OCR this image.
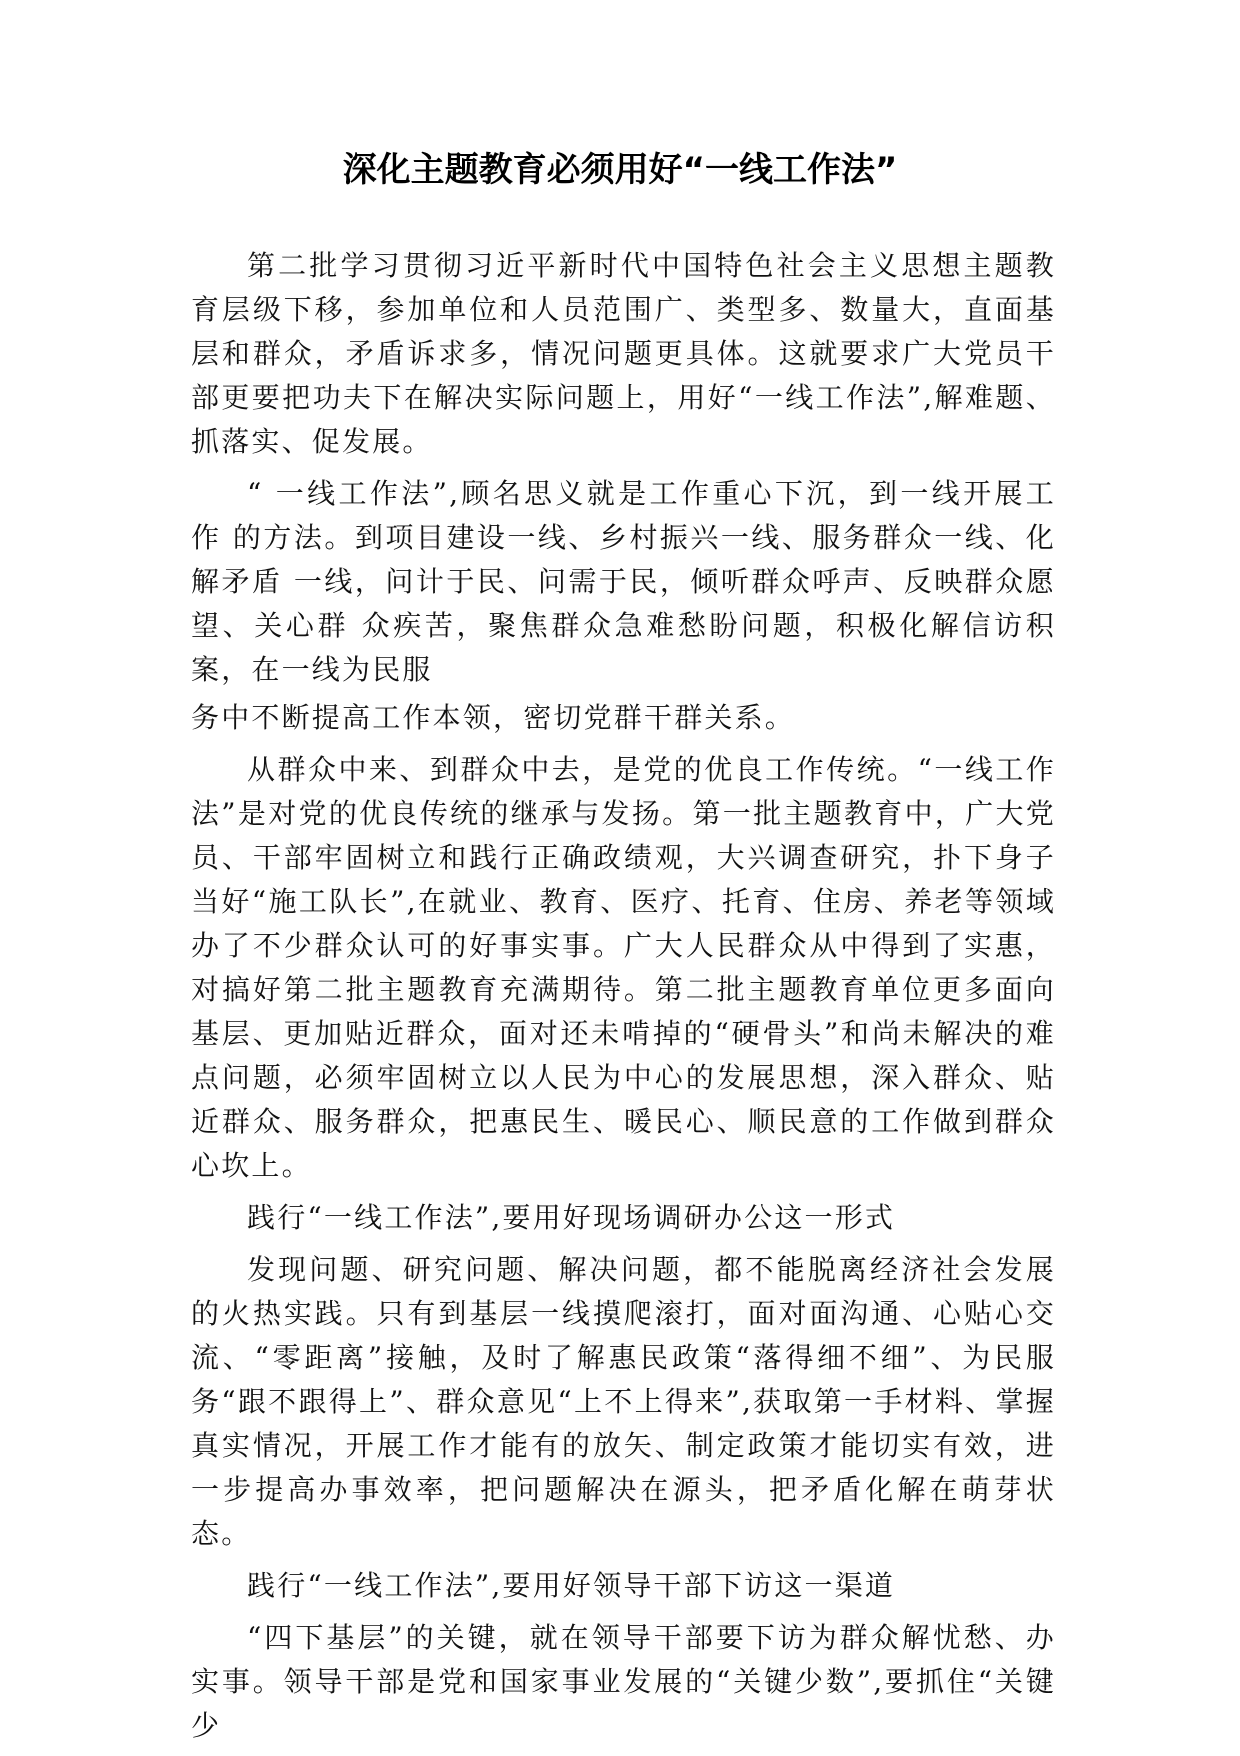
深化主题教育必须用好“一线工作法”

第二批学习贯彻习近平新时代中国特色社会主义思想主题教育层级下移，参加单位和人员范围广、类型多、数量大，直面基层和群众，矛盾诉求多，情况问题更具体。这就要求广大党员干部更要把功夫下在解决实际问题上，用好“一线工作法”,解难题、抓落实、促发展。

“ 一线工作法”,顾名思义就是工作重心下沉，到一线开展工作 的方法。到项目建设一线、乡村振兴一线、服务群众一线、化解矛盾 一线，问计于民、问需于民，倾听群众呼声、反映群众愿望、关心群 众疾苦，聚焦群众急难愁盼问题，积极化解信访积案，在一线为民服

务中不断提高工作本领，密切党群干群关系。

从群众中来、到群众中去，是党的优良工作传统。“一线工作法”是对党的优良传统的继承与发扬。第一批主题教育中，广大党员、干部牢固树立和践行正确政绩观，大兴调查研究，扑下身子当好“施工队长”,在就业、教育、医疗、托育、住房、养老等领域办了不少群众认可的好事实事。广大人民群众从中得到了实惠，对搞好第二批主题教育充满期待。第二批主题教育单位更多面向基层、更加贴近群众，面对还未啃掉的“硬骨头”和尚未解决的难点问题，必须牢固树立以人民为中心的发展思想，深入群众、贴近群众、服务群众，把惠民生、暖民心、顺民意的工作做到群众心坎上。

践行“一线工作法”,要用好现场调研办公这一形式

发现问题、研究问题、解决问题，都不能脱离经济社会发展的火热实践。只有到基层一线摸爬滚打，面对面沟通、心贴心交流、“零距离”接触，及时了解惠民政策“落得细不细”、为民服务“跟不跟得上”、群众意见“上不上得来”,获取第一手材料、掌握真实情况，开展工作才能有的放矢、制定政策才能切实有效，进一步提高办事效率，把问题解决在源头，把矛盾化解在萌芽状态。

践行“一线工作法”,要用好领导干部下访这一渠道

“四下基层”的关键，就在领导干部要下访为群众解忧愁、办实事。领导干部是党和国家事业发展的“关键少数”,要抓住“关键少
